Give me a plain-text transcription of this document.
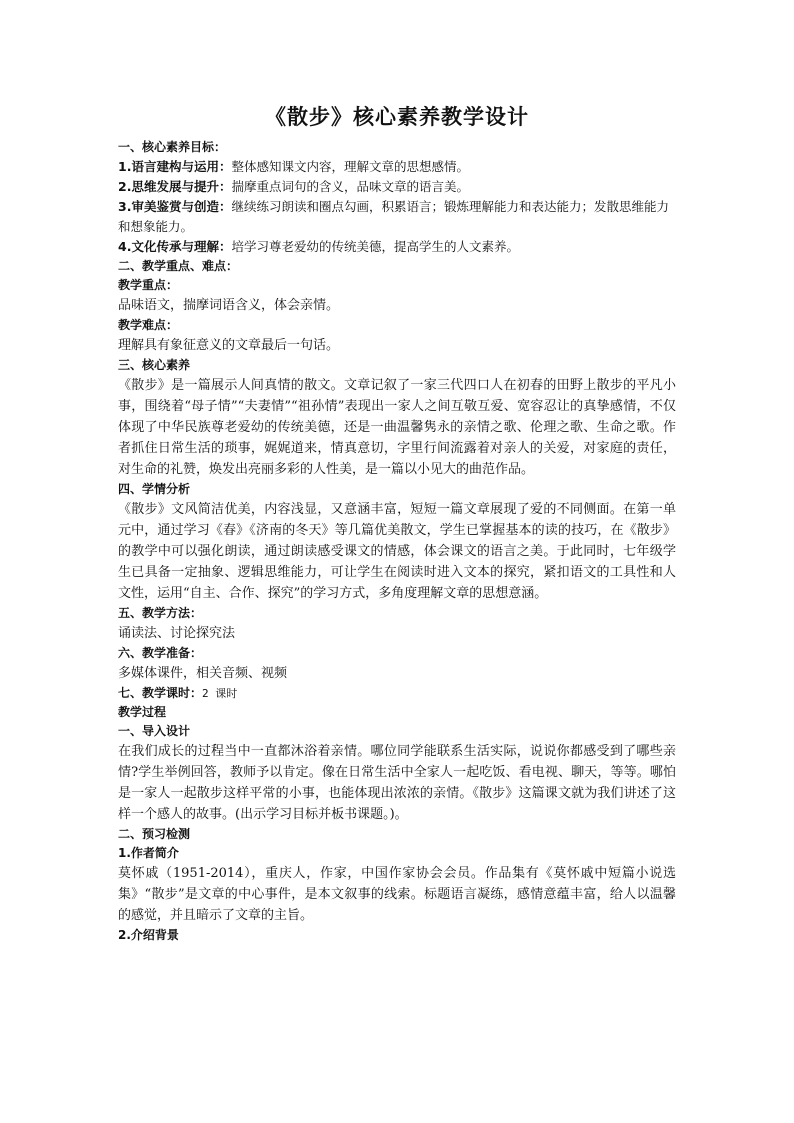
《散步》核心素养教学设计

一、核心素养目标：

1.语言建构与运用：整体感知课文内容，理解文章的思想感情。

2.思维发展与提升：揣摩重点词句的含义，品味文章的语言美。

3.审美鉴赏与创造：继续练习朗读和圈点勾画，积累语言；锻炼理解能力和表达能力；发散思维能力和想象能力。

4.文化传承与理解：培学习尊老爱幼的传统美德，提高学生的人文素养。

二、教学重点、难点：

教学重点：

品味语文，揣摩词语含义，体会亲情。

教学难点：

理解具有象征意义的文章最后一句话。

三、核心素养

《散步》是一篇展示人间真情的散文。文章记叙了一家三代四口人在初春的田野上散步的平凡小事，围绕着“母子情”“夫妻情”“祖孙情”表现出一家人之间互敬互爱、宽容忍让的真挚感情，不仅体现了中华民族尊老爱幼的传统美德，还是一曲温馨隽永的亲情之歌、伦理之歌、生命之歌。作者抓住日常生活的琐事，娓娓道来，情真意切，字里行间流露着对亲人的关爱，对家庭的责任，对生命的礼赞，焕发出亮丽多彩的人性美，是一篇以小见大的曲范作品。

四、学情分析

《散步》文风简洁优美，内容浅显，又意涵丰富，短短一篇文章展现了爱的不同侧面。在第一单元中，通过学习《春》《济南的冬天》等几篇优美散文，学生已掌握基本的读的技巧，在《散步》的教学中可以强化朗读，通过朗读感受课文的情感，体会课文的语言之美。于此同时，七年级学生已具备一定抽象、逻辑思维能力，可让学生在阅读时进入文本的探究，紧扣语文的工具性和人文性，运用“自主、合作、探究”的学习方式，多角度理解文章的思想意涵。

五、教学方法：

诵读法、讨论探究法

六、教学准备：

多媒体课件，相关音频、视频

七、教学课时：2 课时

教学过程

一、导入设计

在我们成长的过程当中一直都沐浴着亲情。哪位同学能联系生活实际，说说你都感受到了哪些亲情?学生举例回答，教师予以肯定。像在日常生活中全家人一起吃饭、看电视、聊天，等等。哪怕是一家人一起散步这样平常的小事，也能体现出浓浓的亲情。《散步》这篇课文就为我们讲述了这样一个感人的故事。(出示学习目标并板书课题。)。

二、预习检测

1.作者简介

莫怀戚（1951-2014），重庆人，作家，中国作家协会会员。作品集有《莫怀戚中短篇小说选集》“散步”是文章的中心事件，是本文叙事的线索。标题语言凝练，感情意蕴丰富，给人以温馨的感觉，并且暗示了文章的主旨。

2.介绍背景
